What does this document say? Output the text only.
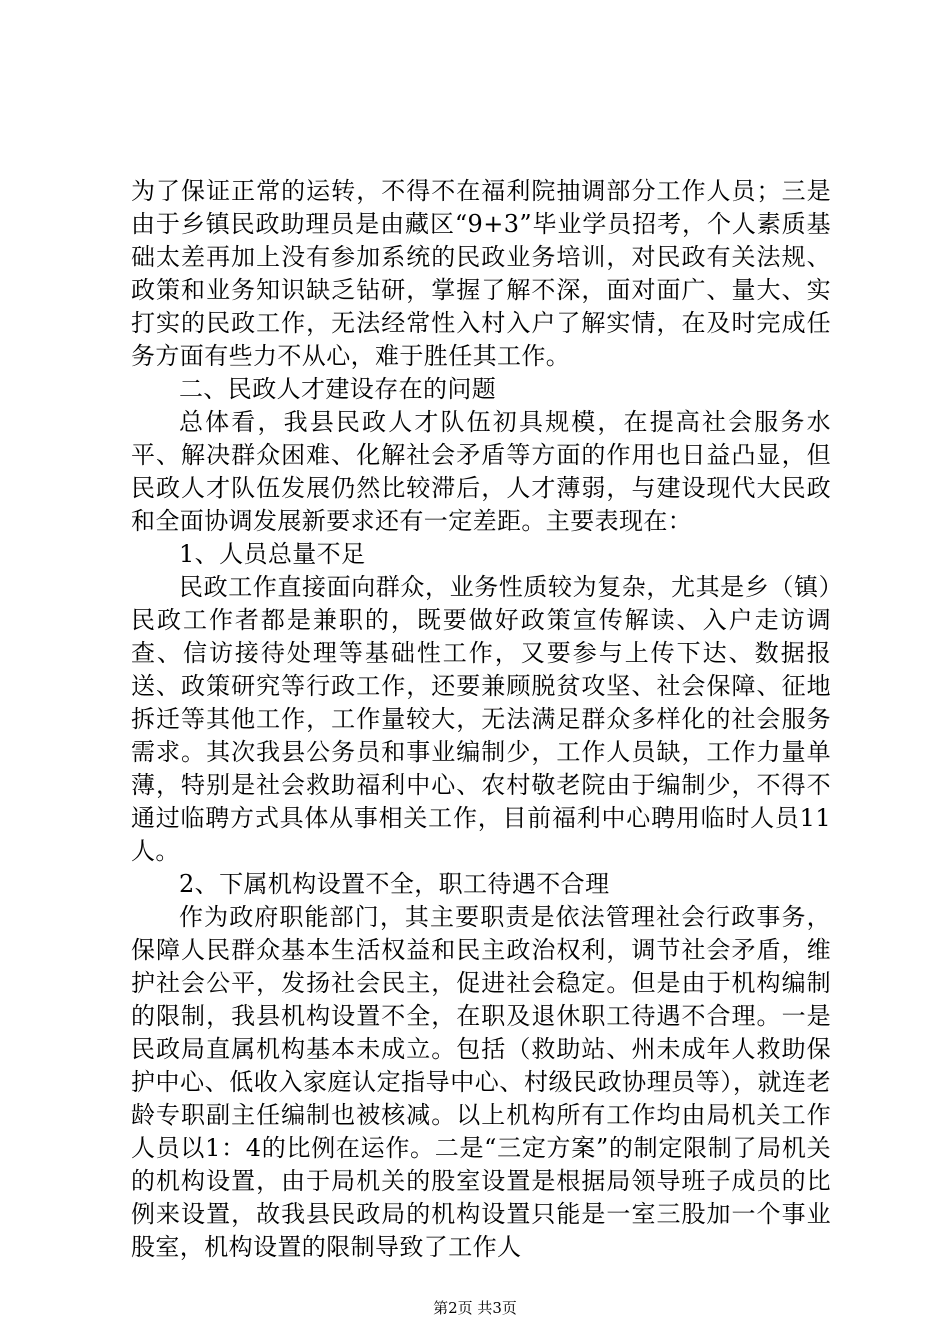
为了保证正常的运转，不得不在福利院抽调部分工作人员；三是由于乡镇民政助理员是由藏区“9+3”毕业学员招考，个人素质基础太差再加上没有参加系统的民政业务培训，对民政有关法规、政策和业务知识缺乏钻研，掌握了解不深，面对面广、量大、实打实的民政工作，无法经常性入村入户了解实情，在及时完成任务方面有些力不从心，难于胜任其工作。

二、民政人才建设存在的问题

总体看，我县民政人才队伍初具规模，在提高社会服务水平、解决群众困难、化解社会矛盾等方面的作用也日益凸显，但民政人才队伍发展仍然比较滞后，人才薄弱，与建设现代大民政和全面协调发展新要求还有一定差距。主要表现在：

1、人员总量不足

民政工作直接面向群众，业务性质较为复杂，尤其是乡（镇）民政工作者都是兼职的，既要做好政策宣传解读、入户走访调查、信访接待处理等基础性工作，又要参与上传下达、数据报送、政策研究等行政工作，还要兼顾脱贫攻坚、社会保障、征地拆迁等其他工作，工作量较大，无法满足群众多样化的社会服务需求。其次我县公务员和事业编制少，工作人员缺，工作力量单薄，特别是社会救助福利中心、农村敬老院由于编制少，不得不通过临聘方式具体从事相关工作，目前福利中心聘用临时人员11人。

2、下属机构设置不全，职工待遇不合理

作为政府职能部门，其主要职责是依法管理社会行政事务，保障人民群众基本生活权益和民主政治权利，调节社会矛盾，维护社会公平，发扬社会民主，促进社会稳定。但是由于机构编制的限制，我县机构设置不全，在职及退休职工待遇不合理。一是民政局直属机构基本未成立。包括（救助站、州未成年人救助保护中心、低收入家庭认定指导中心、村级民政协理员等），就连老龄专职副主任编制也被核减。以上机构所有工作均由局机关工作人员以1：4的比例在运作。二是“三定方案”的制定限制了局机关的机构设置，由于局机关的股室设置是根据局领导班子成员的比例来设置，故我县民政局的机构设置只能是一室三股加一个事业股室，机构设置的限制导致了工作人

第2页 共3页
